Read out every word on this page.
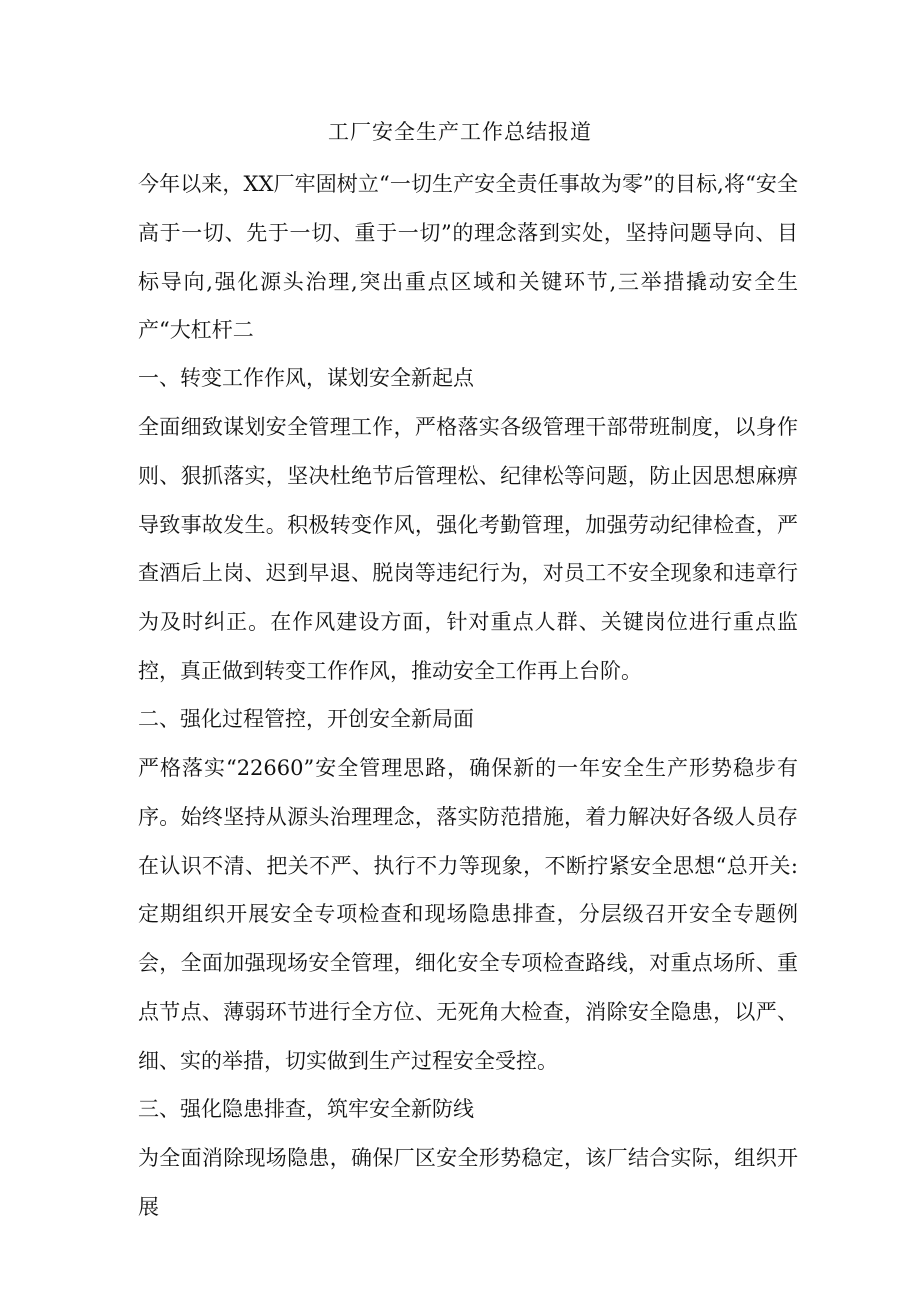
工厂安全生产工作总结报道

今年以来，XX厂牢固树立“一切生产安全责任事故为零”的目标,将“安全高于一切、先于一切、重于一切”的理念落到实处，坚持问题导向、目标导向,强化源头治理,突出重点区域和关键环节,三举措撬动安全生产“大杠杆二

一、转变工作作风，谋划安全新起点

全面细致谋划安全管理工作，严格落实各级管理干部带班制度，以身作则、狠抓落实，坚决杜绝节后管理松、纪律松等问题，防止因思想麻痹导致事故发生。积极转变作风，强化考勤管理，加强劳动纪律检查，严查酒后上岗、迟到早退、脱岗等违纪行为，对员工不安全现象和违章行为及时纠正。在作风建设方面，针对重点人群、关键岗位进行重点监控，真正做到转变工作作风，推动安全工作再上台阶。

二、强化过程管控，开创安全新局面

严格落实“22660”安全管理思路，确保新的一年安全生产形势稳步有序。始终坚持从源头治理理念，落实防范措施，着力解决好各级人员存在认识不清、把关不严、执行不力等现象，不断拧紧安全思想“总开关:定期组织开展安全专项检查和现场隐患排查，分层级召开安全专题例会，全面加强现场安全管理，细化安全专项检查路线，对重点场所、重点节点、薄弱环节进行全方位、无死角大检查，消除安全隐患，以严、细、实的举措，切实做到生产过程安全受控。

三、强化隐患排查，筑牢安全新防线

为全面消除现场隐患，确保厂区安全形势稳定，该厂结合实际，组织开展
